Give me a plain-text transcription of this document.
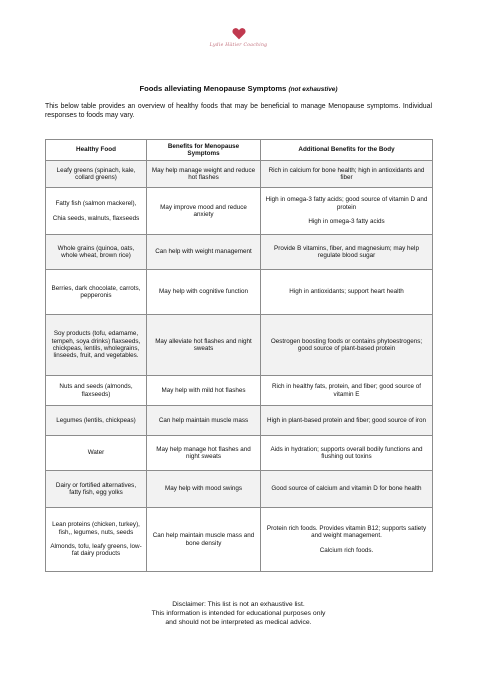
Lydie Hätier Coaching
Foods alleviating Menopause Symptoms (not exhaustive)
This below table provides an overview of healthy foods that may be beneficial to manage Menopause symptoms. Individual responses to foods may vary.
Healthy Food	Benefits for Menopause Symptoms	Additional Benefits for the Body

Leafy greens (spinach, kale, collard greens)	May help manage weight and reduce hot flashes	Rich in calcium for bone health; high in antioxidants and fiber

Fatty fish (salmon mackerel),
Chia seeds, walnuts, flaxseeds	May improve mood and reduce anxiety	High in omega-3 fatty acids; good source of vitamin D and protein
High in omega-3 fatty acids

Whole grains (quinoa, oats, whole wheat, brown rice)	Can help with weight management	Provide B vitamins, fiber, and magnesium; may help regulate blood sugar

Berries, dark chocolate, carrots, pepperonis	May help with cognitive function	High in antioxidants; support heart health

Soy products (tofu, edamame, tempeh, soya drinks) flaxseeds, chickpeas, lentils, wholegrains, linseeds, fruit, and vegetables.	May alleviate hot flashes and night sweats	Oestrogen boosting foods or contains phytoestrogens; good source of plant-based protein

Nuts and seeds (almonds, flaxseeds)	May help with mild hot flashes	Rich in healthy fats, protein, and fiber; good source of vitamin E

Legumes (lentils, chickpeas)	Can help maintain muscle mass	High in plant-based protein and fiber; good source of iron

Water	May help manage hot flashes and night sweats	Aids in hydration; supports overall bodily functions and flushing out toxins

Dairy or fortified alternatives, fatty fish, egg yolks	May help with mood swings	Good source of calcium and vitamin D for bone health

Lean proteins (chicken, turkey), fish,, legumes, nuts, seeds
Almonds, tofu, leafy greens, low-fat dairy products	Can help maintain muscle mass and bone density	Protein rich foods. Provides vitamin B12; supports satiety and weight management.
Calcium rich foods.
Disclaimer: This list is not an exhaustive list.
This information is intended for educational purposes only
and should not be interpreted as medical advice.
